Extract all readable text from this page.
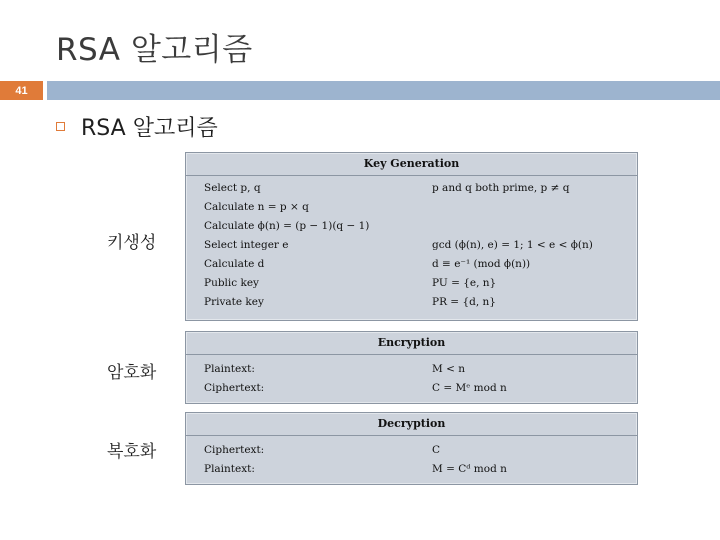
RSA 알고리즘
41
RSA 알고리즘
키생성
암호화
복호화
Key Generation
Select p, q	p and q both prime, p ≠ q
Calculate n = p × q
Calculate ϕ(n) = (p − 1)(q − 1)
Select integer e	gcd (ϕ(n), e) = 1; 1 < e < ϕ(n)
Calculate d	d ≡ e⁻¹ (mod ϕ(n))
Public key	PU = {e, n}
Private key	PR = {d, n}
Encryption
Plaintext:	M < n
Ciphertext:	C = Mᵉ mod n
Decryption
Ciphertext:	C
Plaintext:	M = Cᵈ mod n
